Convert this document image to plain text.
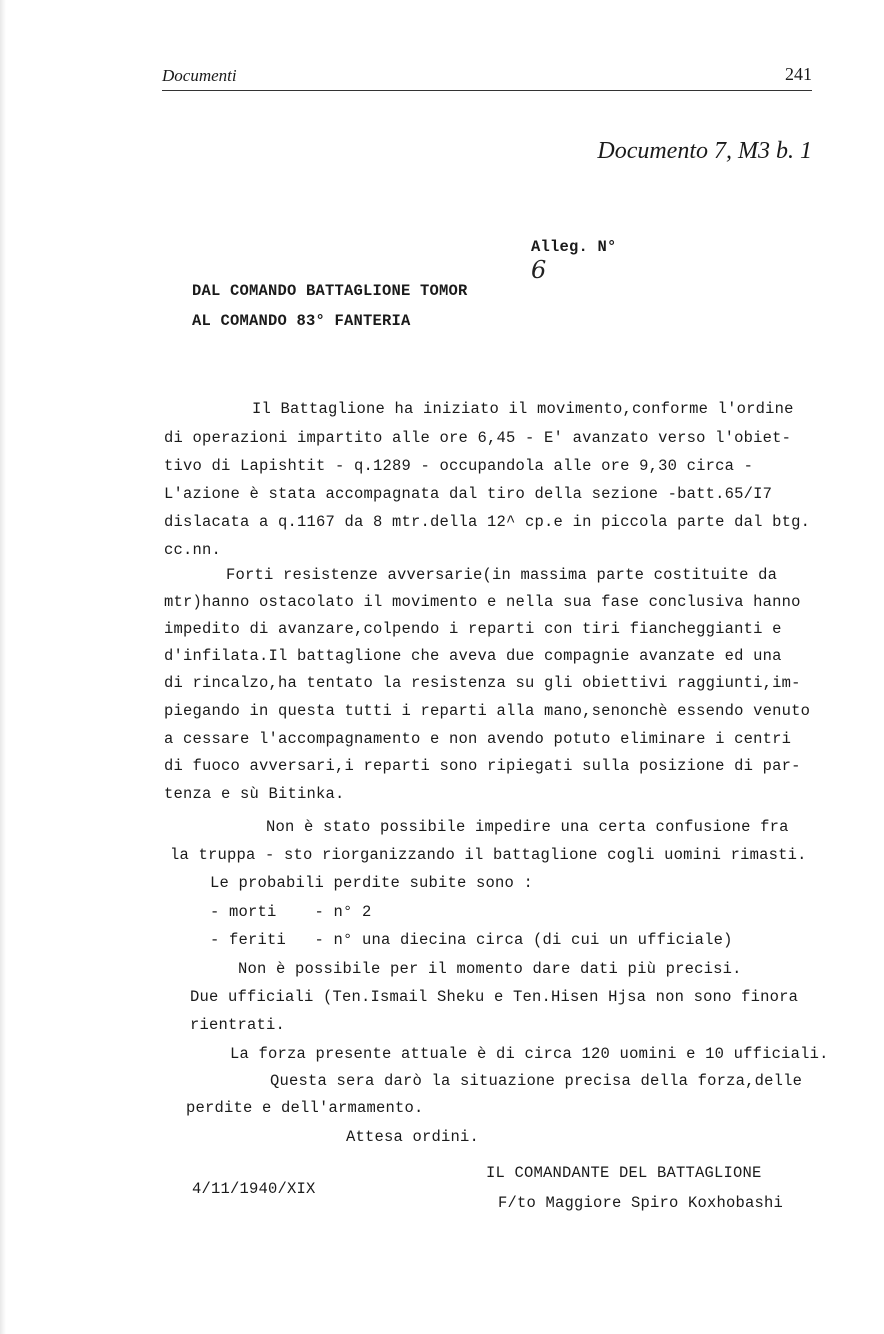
Documenti	241
Documento 7, M3 b. 1

Alleg. N°
6

DAL COMANDO BATTAGLIONE TOMOR
AL COMANDO 83° FANTERIA
Il Battaglione ha iniziato il movimento,conforme l'ordine
di operazioni impartito alle ore 6,45 - E' avanzato verso l'obiet-
tivo di Lapishtit - q.1289 - occupandola alle ore 9,30 circa -
L'azione è stata accompagnata dal tiro della sezione -batt.65/I7
dislacata a q.1167 da 8 mtr.della 12^ cp.e in piccola parte dal btg.
cc.nn.
Forti resistenze avversarie(in massima parte costituite da
mtr)hanno ostacolato il movimento e nella sua fase conclusiva hanno
impedito di avanzare,colpendo i reparti con tiri fiancheggianti e
d'infilata.Il battaglione che aveva due compagnie avanzate ed una
di rincalzo,ha tentato la resistenza su gli obiettivi raggiunti,im-
piegando in questa tutti i reparti alla mano,senonchè essendo venuto
a cessare l'accompagnamento e non avendo potuto eliminare i centri
di fuoco avversari,i reparti sono ripiegati sulla posizione di par-
tenza e sù Bitinka.
Non è stato possibile impedire una certa confusione fra
la truppa - sto riorganizzando il battaglione cogli uomini rimasti.
Le probabili perdite subite sono :
- morti    - n° 2
- feriti   - n° una diecina circa (di cui un ufficiale)
Non è possibile per il momento dare dati più precisi.
Due ufficiali (Ten.Ismail Sheku e Ten.Hisen Hjsa non sono finora
rientrati.
La forza presente attuale è di circa 120 uomini e 10 ufficiali.
Questa sera darò la situazione precisa della forza,delle
perdite e dell'armamento.
Attesa ordini.
4/11/1940/XIX
IL COMANDANTE DEL BATTAGLIONE
F/to Maggiore Spiro Koxhobashi
